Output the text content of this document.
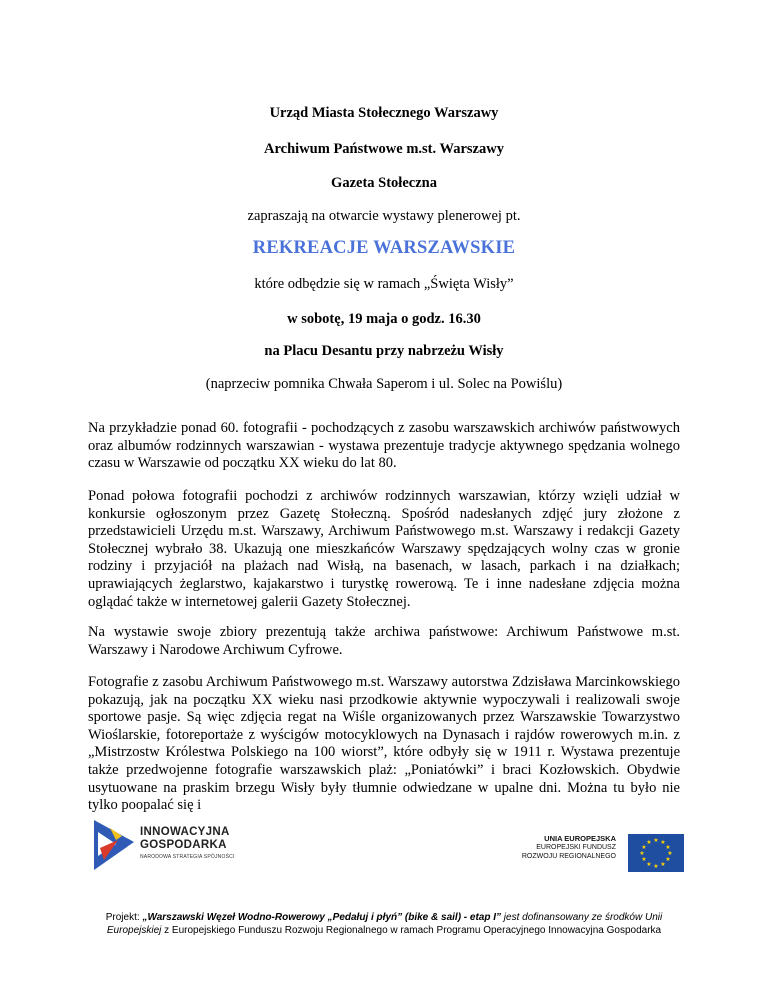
Urząd Miasta Stołecznego Warszawy
Archiwum Państwowe m.st. Warszawy
Gazeta Stołeczna
zapraszają na otwarcie wystawy plenerowej pt.
REKREACJE WARSZAWSKIE
które odbędzie się w ramach „Święta Wisły”
w sobotę, 19 maja o godz. 16.30
na Placu Desantu przy nabrzeżu Wisły
(naprzeciw pomnika Chwała Saperom i ul. Solec na Powiślu)
Na przykładzie ponad 60. fotografii - pochodzących z zasobu warszawskich archiwów państwowych oraz albumów rodzinnych warszawian - wystawa prezentuje tradycje aktywnego spędzania wolnego czasu w Warszawie od początku XX wieku do lat 80.
Ponad połowa fotografii pochodzi z archiwów rodzinnych warszawian, którzy wzięli udział w konkursie ogłoszonym przez Gazetę Stołeczną. Spośród nadesłanych zdjęć jury złożone z przedstawicieli Urzędu m.st. Warszawy, Archiwum Państwowego m.st. Warszawy i redakcji Gazety Stołecznej wybrało 38. Ukazują one mieszkańców Warszawy spędzających wolny czas w gronie rodziny i przyjaciół na plażach nad Wisłą, na basenach, w lasach, parkach i na działkach; uprawiających żeglarstwo, kajakarstwo i turystkę rowerową. Te i inne nadesłane zdjęcia można oglądać także w internetowej galerii Gazety Stołecznej.
Na wystawie swoje zbiory prezentują także archiwa państwowe: Archiwum Państwowe m.st. Warszawy i Narodowe Archiwum Cyfrowe.
Fotografie z zasobu Archiwum Państwowego m.st. Warszawy autorstwa Zdzisława Marcinkowskiego pokazują, jak na początku XX wieku nasi przodkowie aktywnie wypoczywali i realizowali swoje sportowe pasje. Są więc zdjęcia regat na Wiśle organizowanych przez Warszawskie Towarzystwo Wioślarskie, fotoreportaże z wyścigów motocyklowych na Dynasach i rajdów rowerowych m.in. z „Mistrzostw Królestwa Polskiego na 100 wiorst”, które odbyły się w 1911 r. Wystawa prezentuje także przedwojenne fotografie warszawskich plaż: „Poniatówki” i braci Kozłowskich. Obydwie usytuowane na praskim brzegu Wisły były tłumnie odwiedzane w upalne dni. Można tu było nie tylko poopalać się i
INNOWACYJNA
GOSPODARKA
NARODOWA STRATEGIA SPÓJNOŚCI
UNIA EUROPEJSKA
EUROPEJSKI FUNDUSZ
ROZWOJU REGIONALNEGO
★ ★
★
★
★
★
★
★
★
★
★
★
Projekt: „Warszawski Węzeł Wodno-Rowerowy „Pedałuj i płyń” (bike & sail) - etap I” jest dofinansowany ze środków Unii
Europejskiej z Europejskiego Funduszu Rozwoju Regionalnego w ramach Programu Operacyjnego Innowacyjna Gospodarka
